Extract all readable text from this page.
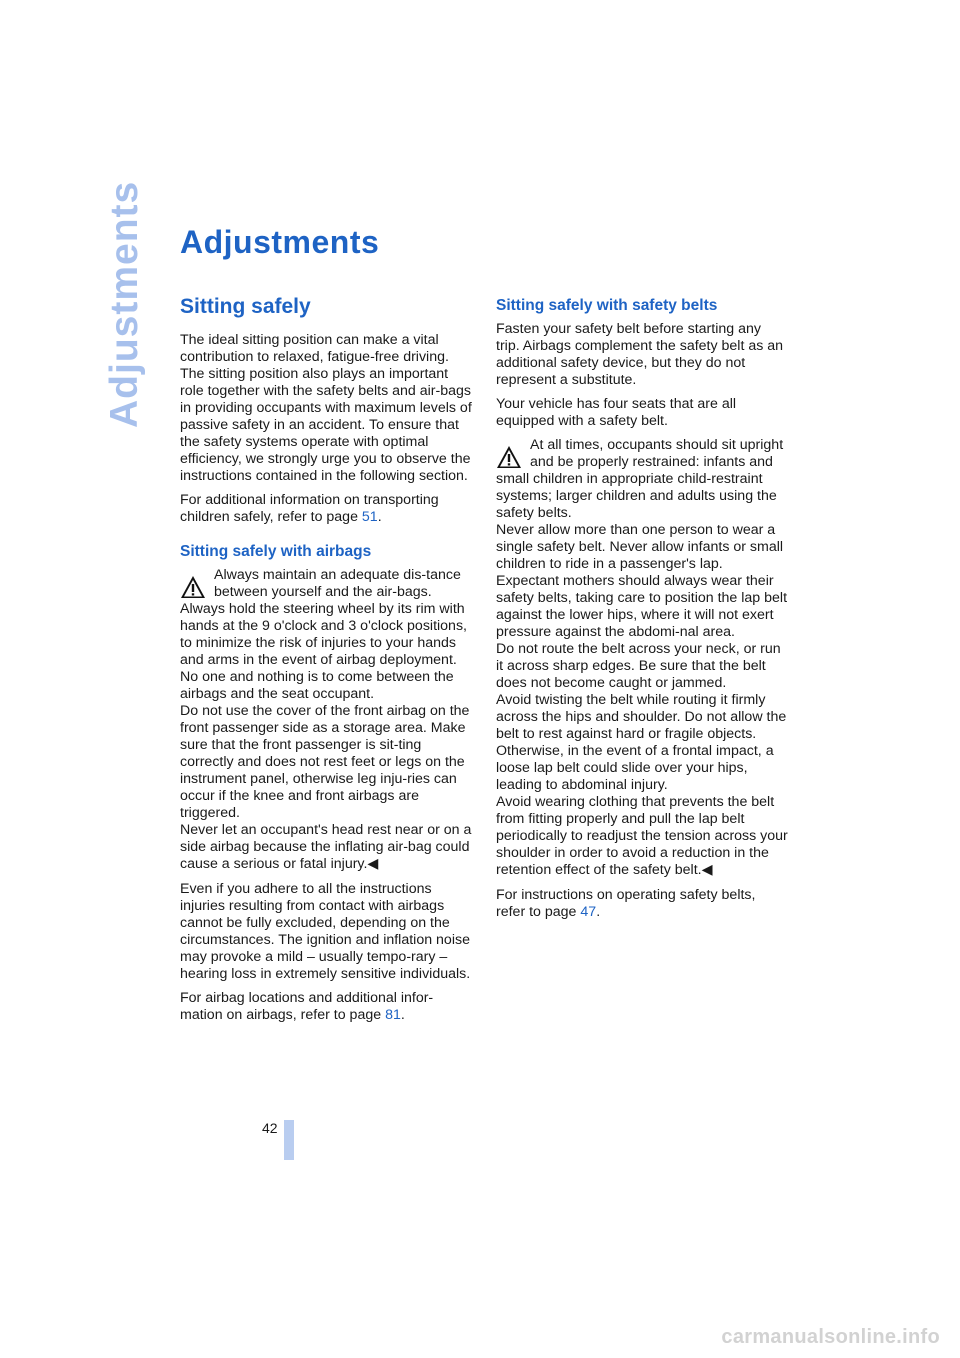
Adjustments Adjustments
Sitting safely

The ideal sitting position can make a vital contribution to relaxed, fatigue-free driving. The sitting position also plays an important role together with the safety belts and air-bags in providing occupants with maximum levels of passive safety in an accident. To ensure that the safety systems operate with optimal efficiency, we strongly urge you to observe the instructions contained in the following section.

For additional information on transporting children safely, refer to page 51.

Sitting safely with airbags

Always maintain an adequate dis-tance between yourself and the air-bags. Always hold the steering wheel by its rim with hands at the 9 o'clock and 3 o'clock positions, to minimize the risk of injuries to your hands and arms in the event of airbag deployment.

No one and nothing is to come between the airbags and the seat occupant.

Do not use the cover of the front airbag on the front passenger side as a storage area. Make sure that the front passenger is sit-ting correctly and does not rest feet or legs on the instrument panel, otherwise leg inju-ries can occur if the knee and front airbags are triggered.

Never let an occupant's head rest near or on a side airbag because the inflating air-bag could cause a serious or fatal injury.◀

Even if you adhere to all the instructions injuries resulting from contact with airbags cannot be fully excluded, depending on the circumstances. The ignition and inflation noise may provoke a mild – usually tempo-rary – hearing loss in extremely sensitive individuals.

For airbag locations and additional infor-mation on airbags, refer to page 81.

Sitting safely with safety belts

Fasten your safety belt before starting any trip. Airbags complement the safety belt as an additional safety device, but they do not represent a substitute.

Your vehicle has four seats that are all equipped with a safety belt.

At all times, occupants should sit upright and be properly restrained: infants and small children in appropriate child-restraint systems; larger children and adults using the safety belts.

Never allow more than one person to wear a single safety belt. Never allow infants or small children to ride in a passenger's lap.

Expectant mothers should always wear their safety belts, taking care to position the lap belt against the lower hips, where it will not exert pressure against the abdomi-nal area.

Do not route the belt across your neck, or run it across sharp edges. Be sure that the belt does not become caught or jammed.

Avoid twisting the belt while routing it firmly across the hips and shoulder. Do not allow the belt to rest against hard or fragile objects. Otherwise, in the event of a frontal impact, a loose lap belt could slide over your hips, leading to abdominal injury.

Avoid wearing clothing that prevents the belt from fitting properly and pull the lap belt periodically to readjust the tension across your shoulder in order to avoid a reduction in the retention effect of the safety belt.◀

For instructions on operating safety belts, refer to page 47.

42
carmanualsonline.info
